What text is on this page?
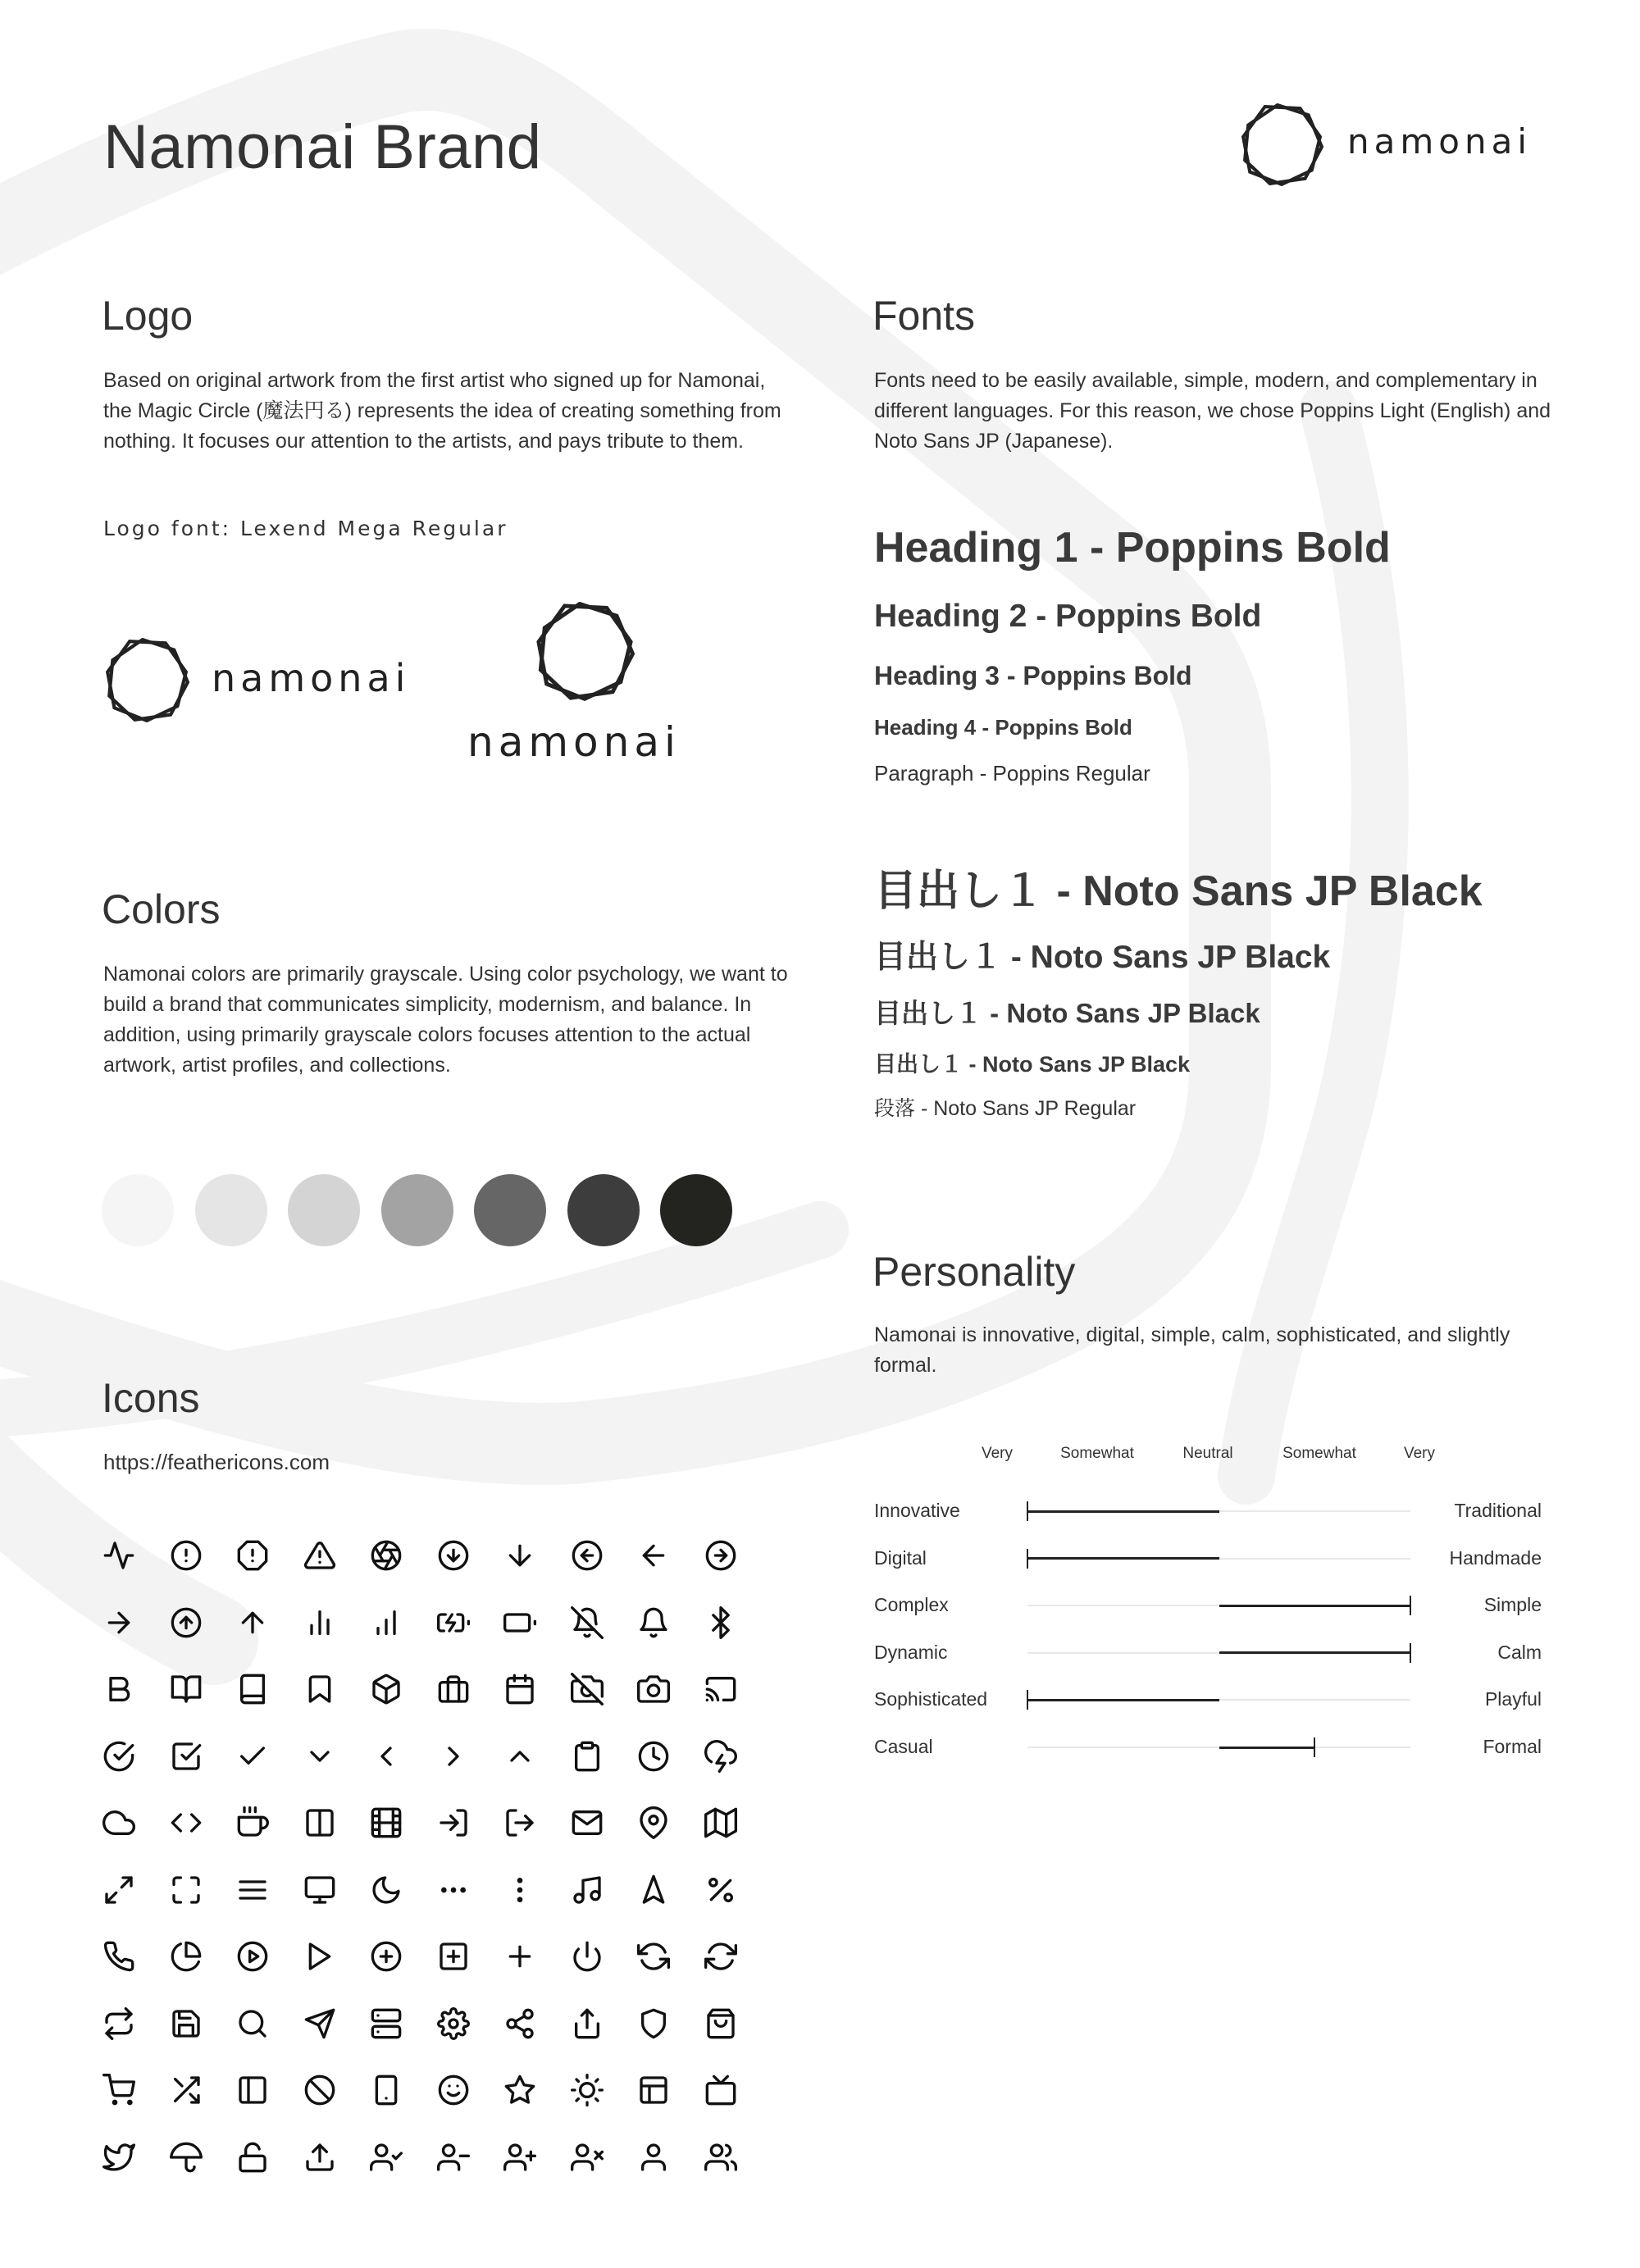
Namonai Brand	namonai
Logo
Based on original artwork from the first artist who signed up for Namonai, the Magic Circle (魔法円る) represents the idea of creating something from nothing. It focuses our attention to the artists, and pays tribute to them.
Logo font: Lexend Mega Regular
namonai
namonai
Fonts
Fonts need to be easily available, simple, modern, and complementary in different languages. For this reason, we chose Poppins Light (English) and Noto Sans JP (Japanese).
Heading 1 - Poppins Bold
Heading 2 - Poppins Bold
Heading 3 - Poppins Bold
Heading 4 - Poppins Bold
Paragraph - Poppins Regular
目出し１ - Noto Sans JP Black
目出し１ - Noto Sans JP Black
目出し１ - Noto Sans JP Black
目出し１ - Noto Sans JP Black
段落 - Noto Sans JP Regular
Colors
Namonai colors are primarily grayscale. Using color psychology, we want to build a brand that communicates simplicity, modernism, and balance. In addition, using primarily grayscale colors focuses attention to the actual artwork, artist profiles, and collections.
Personality
Namonai is innovative, digital, simple, calm, sophisticated, and slightly formal.
Very	Somewhat	Neutral	Somewhat	Very
Innovative	Traditional
Digital	Handmade
Complex	Simple
Dynamic	Calm
Sophisticated	Playful
Casual	Formal
Icons
https://feathericons.com
